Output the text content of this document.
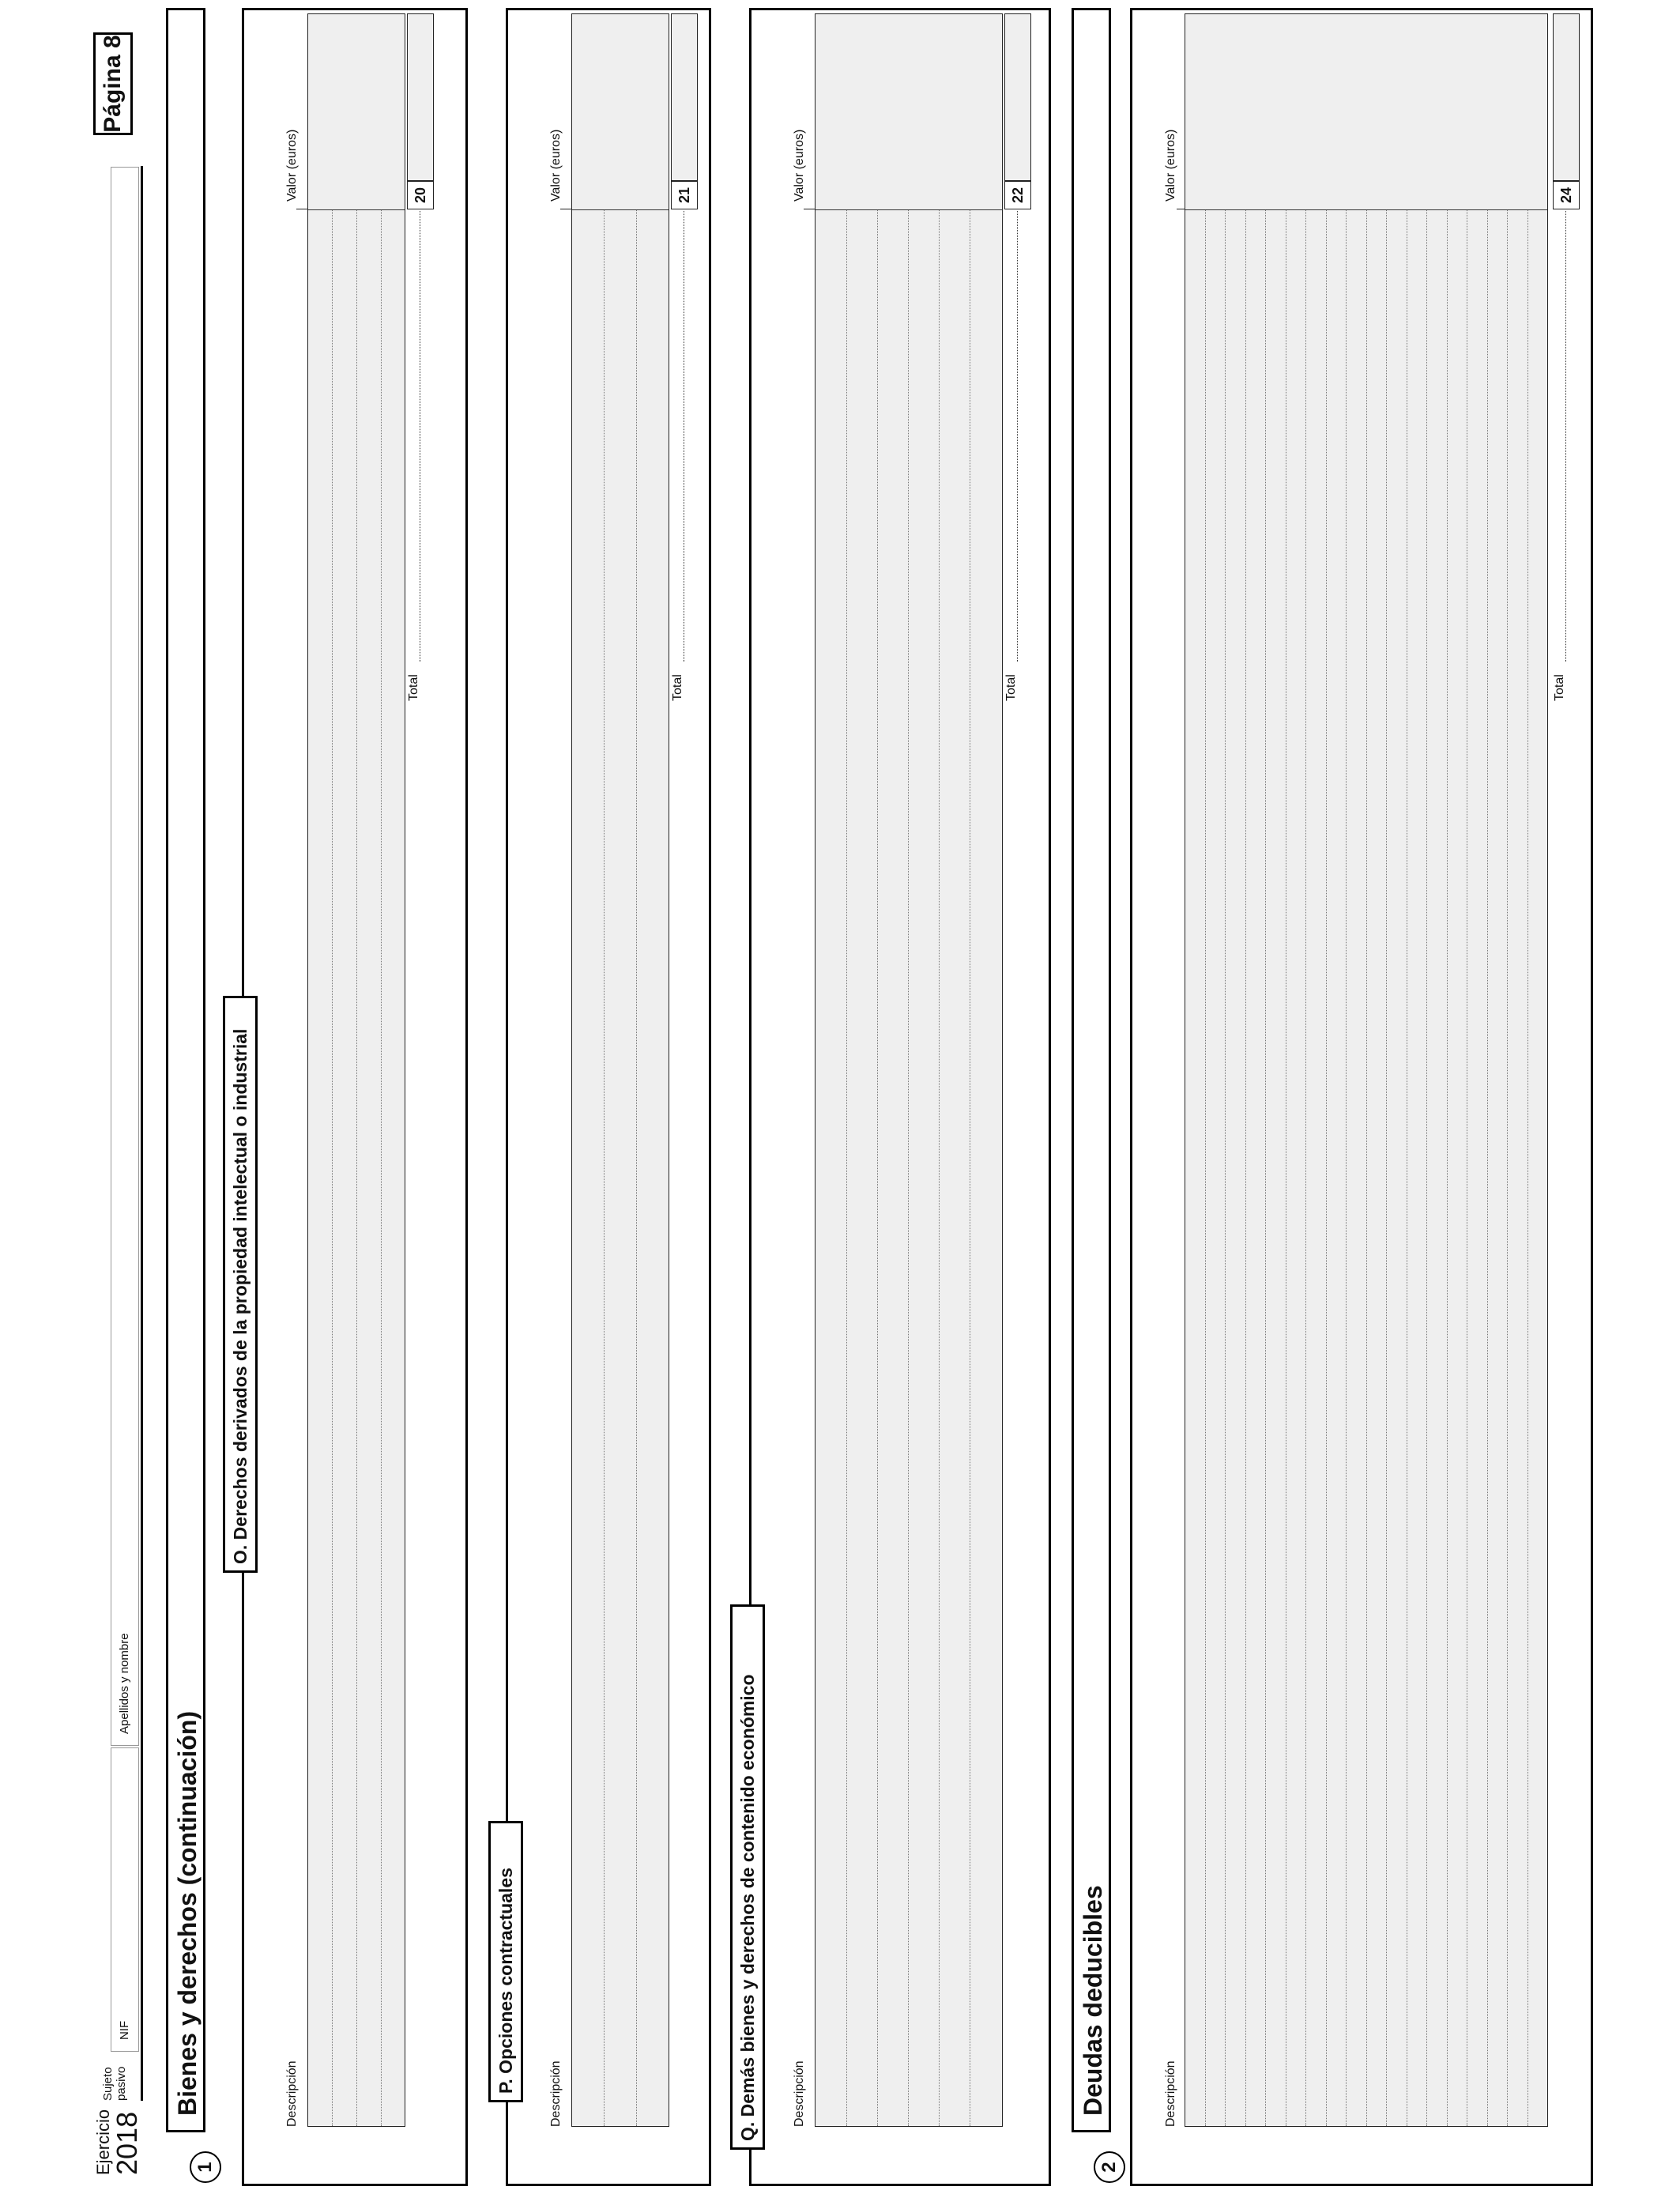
Ejercicio
2018
Sujeto pasivo
NIF
Apellidos y nombre
Página 8
1
Bienes y derechos (continuación)	Descripción
Valor (euros)
Total
20
O. Derechos derivados de la propiedad intelectual o industrial
Descripción
Valor (euros)
Total
21
P. Opciones contractuales
Descripción
Valor (euros)
Total
22
Q. Demás bienes y derechos de contenido económico
2
Deudas deducibles	Descripción
Valor (euros)
Total
24
